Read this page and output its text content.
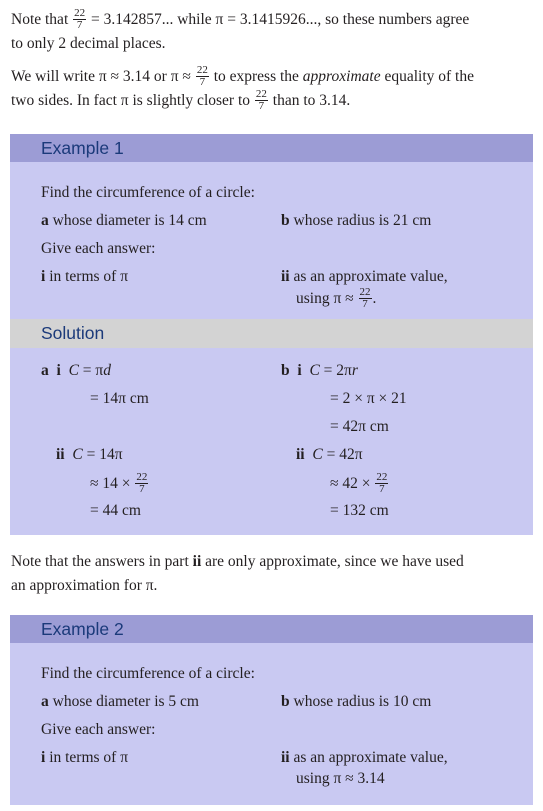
Note that $\frac{22}{7} = 3.142857$... while π = 3.1415926..., so these numbers agree
to only 2 decimal places.
We will write π ≈ 3.14 or $\pi \approx \frac{22}{7}$ to express the approximate equality of the
two sides. In fact π is slightly closer to $\frac{22}{7}$ than to 3.14.
Example 1
Find the circumference of a circle:
a whose diameter is 14 cm	b whose radius is 21 cm
Give each answer:
i in terms of π	ii as an approximate value,
using $\pi \approx \frac{22}{7}$ .
Solution
a i C = πd
= 14π cm
ii C = 14π
≈ $14 \times \frac{22}{7}$
= 44 cm
b i C = 2πr
= 2 × π × 21
= 42π cm
ii C = 42π
≈ $42 \times \frac{22}{7}$
= 132 cm
Note that the answers in part ii are only approximate, since we have used
an approximation for π.
Example 2
Find the circumference of a circle:
a whose diameter is 5 cm	b whose radius is 10 cm
Give each answer:
i in terms of π	ii as an approximate value,
using π ≈ 3.14
